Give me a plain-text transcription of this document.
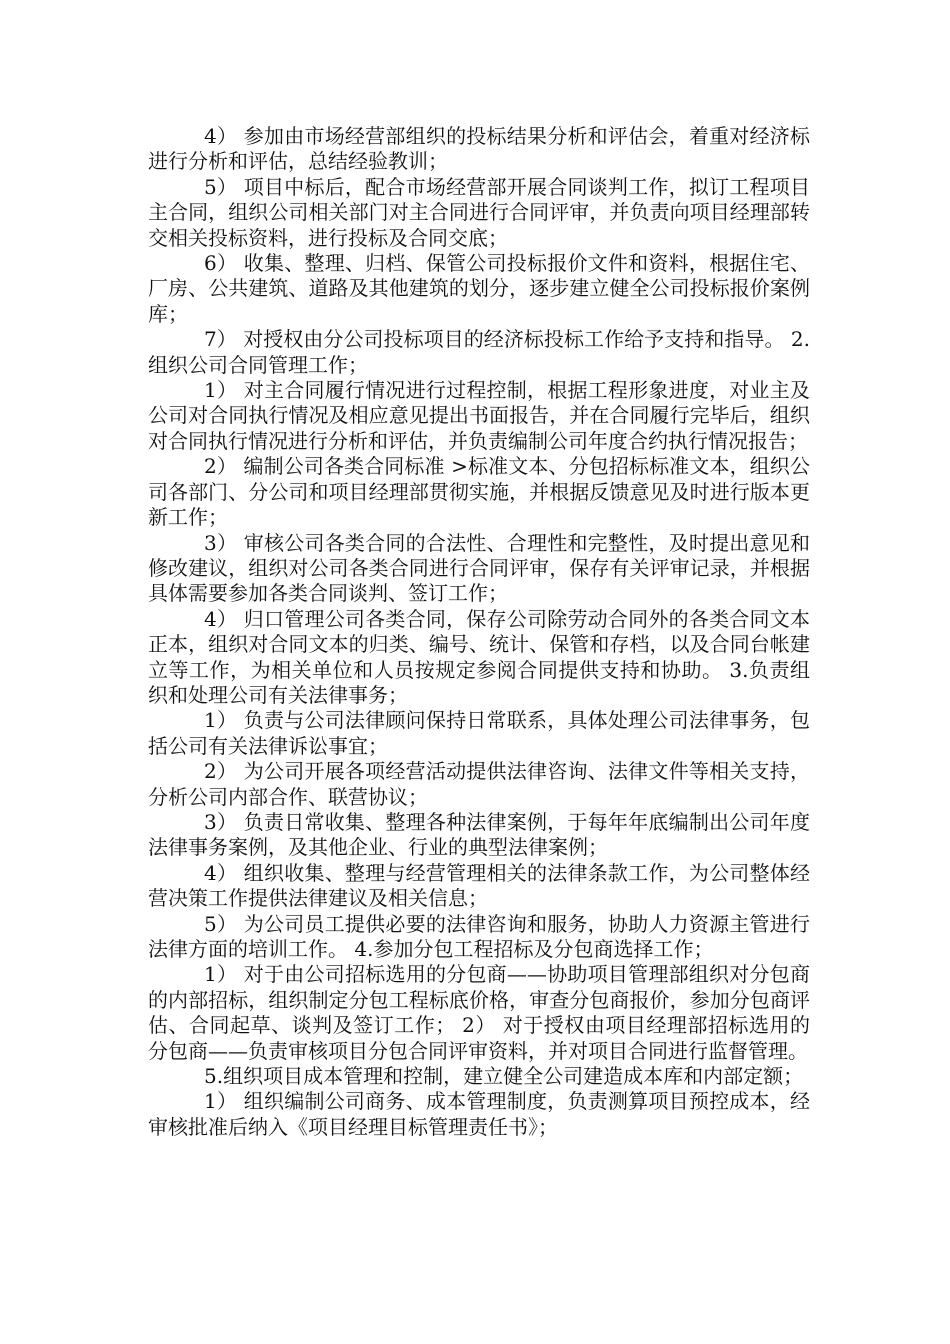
4） 参加由市场经营部组织的投标结果分析和评估会，着重对经济标进行分析和评估，总结经验教训；

5） 项目中标后，配合市场经营部开展合同谈判工作，拟订工程项目主合同，组织公司相关部门对主合同进行合同评审，并负责向项目经理部转交相关投标资料，进行投标及合同交底；

6） 收集、整理、归档、保管公司投标报价文件和资料，根据住宅、厂房、公共建筑、道路及其他建筑的划分，逐步建立健全公司投标报价案例库；

7） 对授权由分公司投标项目的经济标投标工作给予支持和指导。 2.组织公司合同管理工作；

1） 对主合同履行情况进行过程控制，根据工程形象进度，对业主及公司对合同执行情况及相应意见提出书面报告，并在合同履行完毕后，组织对合同执行情况进行分析和评估，并负责编制公司年度合约执行情况报告；

2） 编制公司各类合同标准 >标准文本、分包招标标准文本，组织公司各部门、分公司和项目经理部贯彻实施，并根据反馈意见及时进行版本更新工作；

3） 审核公司各类合同的合法性、合理性和完整性，及时提出意见和修改建议，组织对公司各类合同进行合同评审，保存有关评审记录，并根据具体需要参加各类合同谈判、签订工作；

4） 归口管理公司各类合同，保存公司除劳动合同外的各类合同文本正本，组织对合同文本的归类、编号、统计、保管和存档，以及合同台帐建立等工作，为相关单位和人员按规定参阅合同提供支持和协助。 3.负责组织和处理公司有关法律事务；

1） 负责与公司法律顾问保持日常联系，具体处理公司法律事务，包括公司有关法律诉讼事宜；

2） 为公司开展各项经营活动提供法律咨询、法律文件等相关支持，分析公司内部合作、联营协议；

3） 负责日常收集、整理各种法律案例，于每年年底编制出公司年度法律事务案例，及其他企业、行业的典型法律案例；

4） 组织收集、整理与经营管理相关的法律条款工作，为公司整体经营决策工作提供法律建议及相关信息；

5） 为公司员工提供必要的法律咨询和服务，协助人力资源主管进行法律方面的培训工作。 4.参加分包工程招标及分包商选择工作；

1） 对于由公司招标选用的分包商——协助项目管理部组织对分包商的内部招标，组织制定分包工程标底价格，审查分包商报价，参加分包商评估、合同起草、谈判及签订工作； 2） 对于授权由项目经理部招标选用的分包商——负责审核项目分包合同评审资料，并对项目合同进行监督管理。

5.组织项目成本管理和控制，建立健全公司建造成本库和内部定额；

1） 组织编制公司商务、成本管理制度，负责测算项目预控成本，经审核批准后纳入《项目经理目标管理责任书》；
